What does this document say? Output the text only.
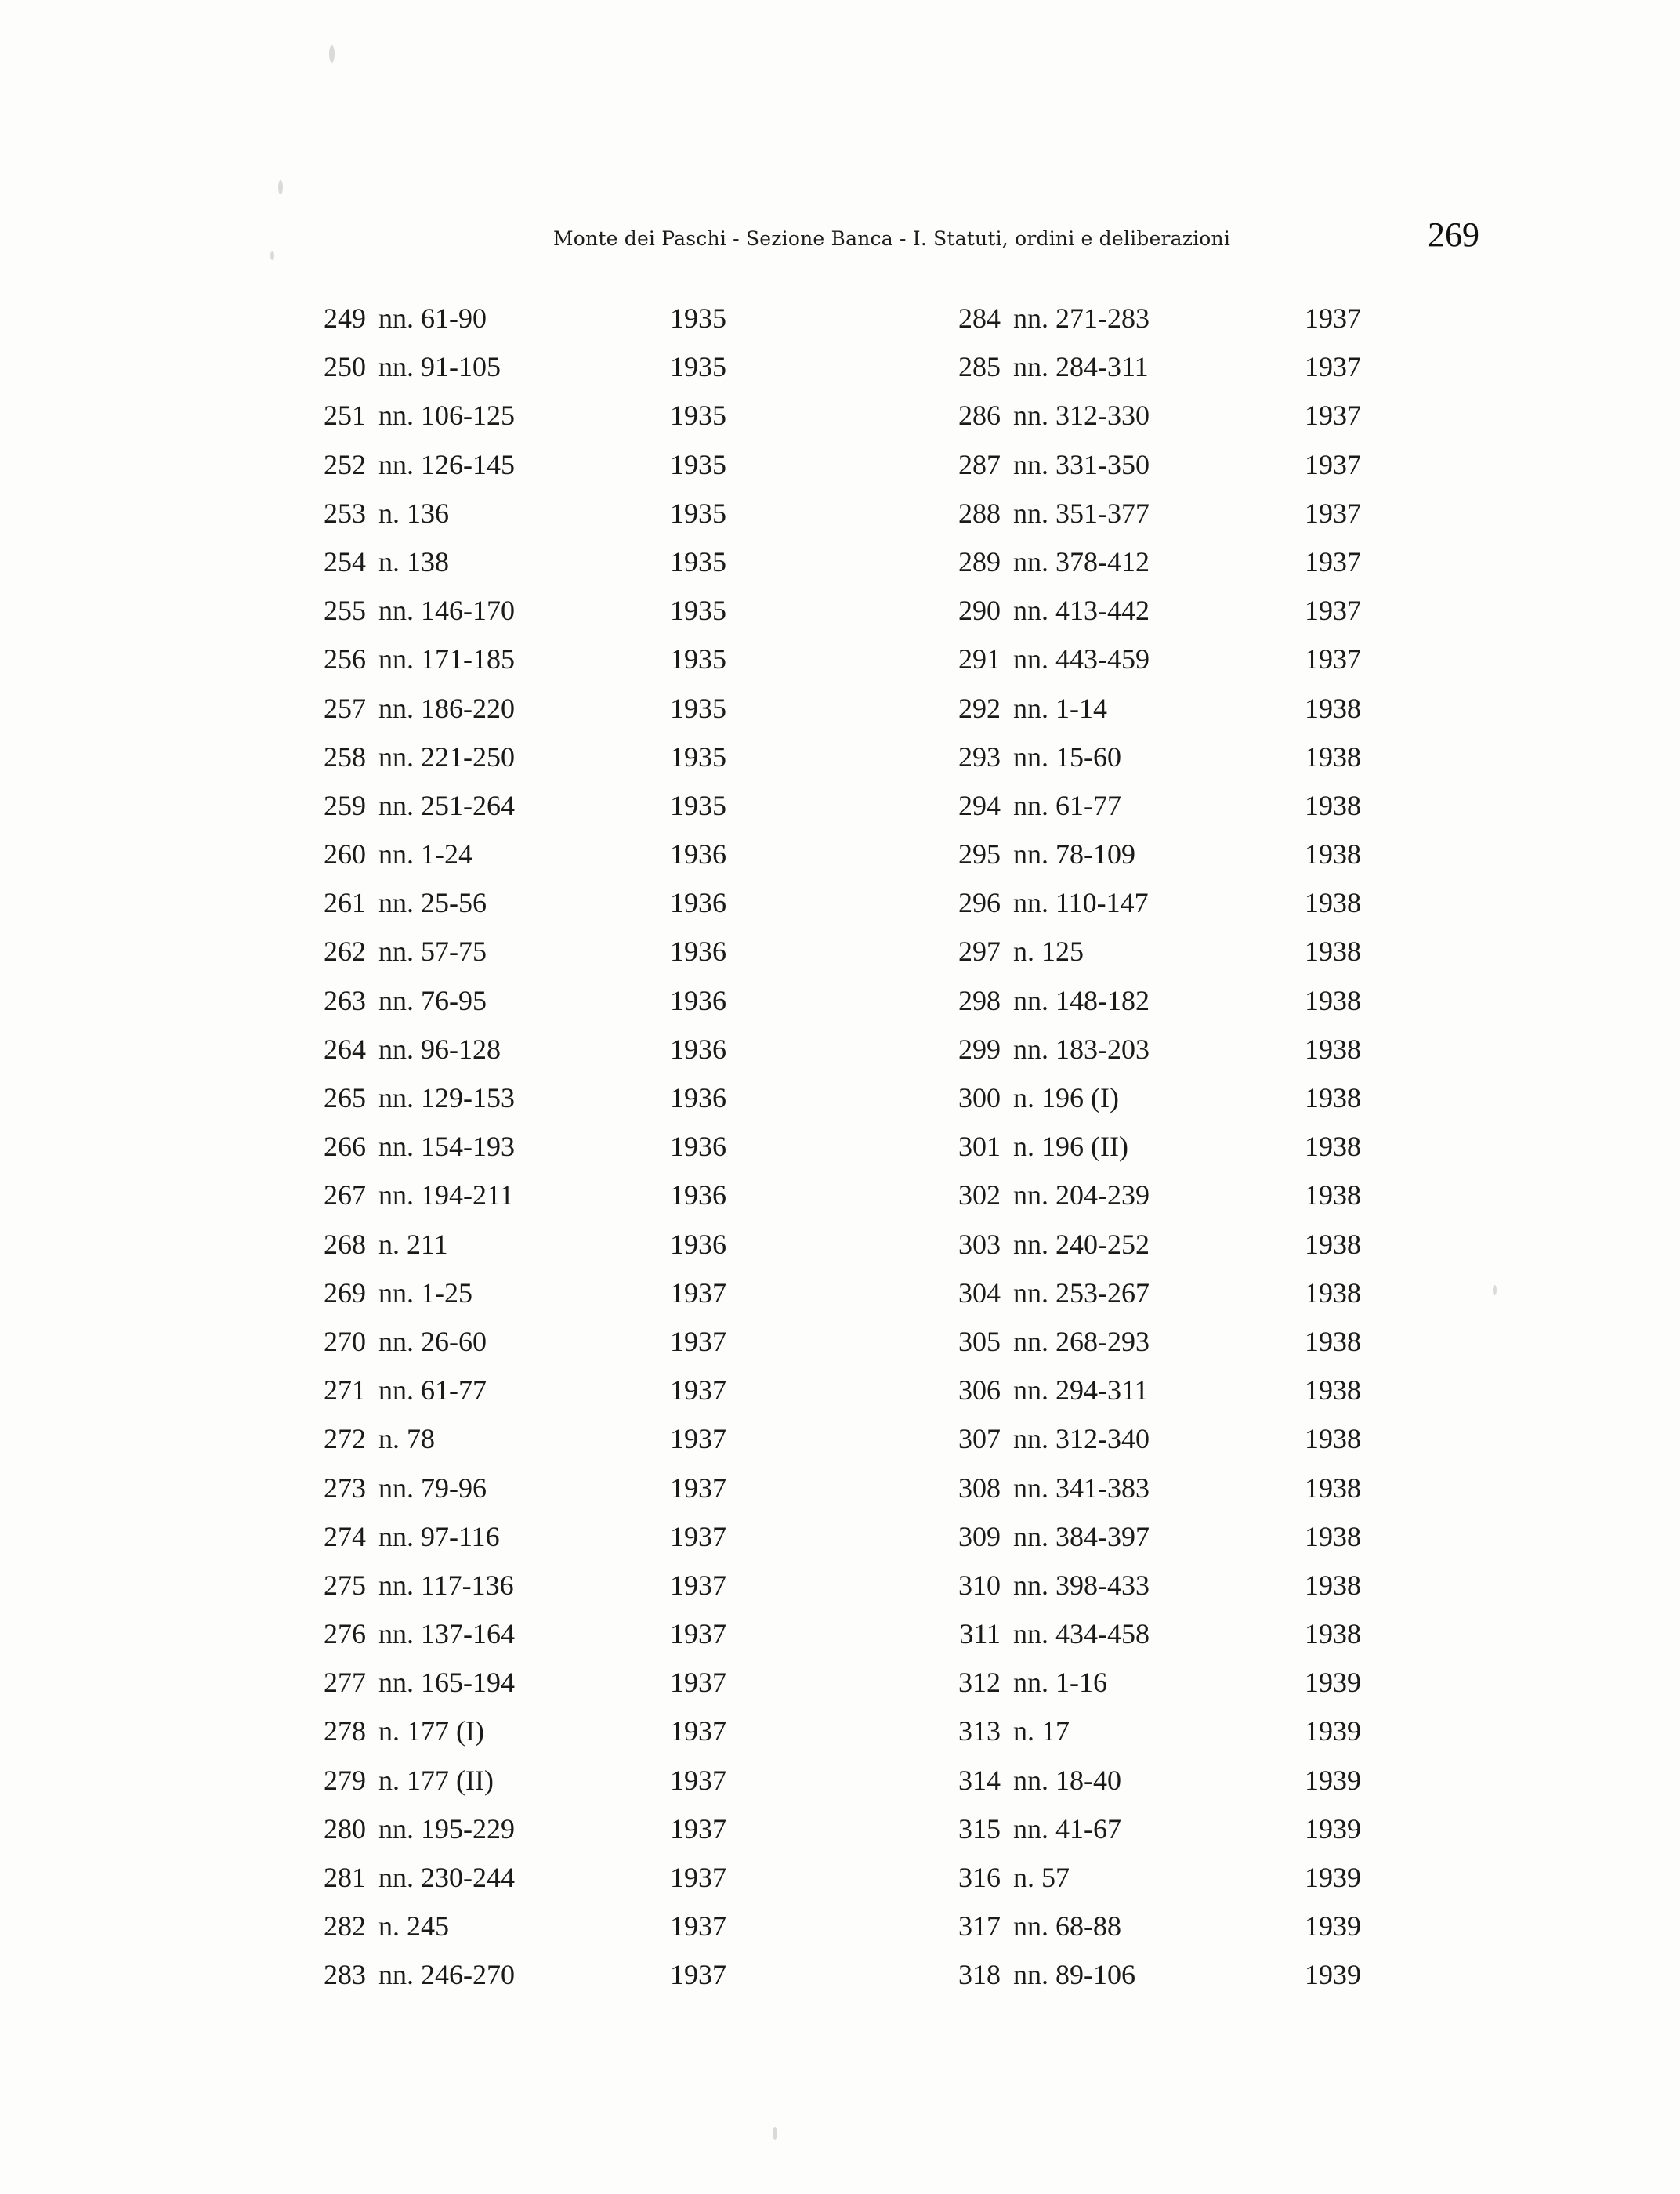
Monte dei Paschi - Sezione Banca - I. Statuti, ordini e deliberazioni	269
249 nn. 61-90	1935
250 nn. 91-105	1935
251 nn. 106-125	1935
252 nn. 126-145	1935
253 n. 136	1935
254 n. 138	1935
255 nn. 146-170	1935
256 nn. 171-185	1935
257 nn. 186-220	1935
258 nn. 221-250	1935
259 nn. 251-264	1935
260 nn. 1-24	1936
261 nn. 25-56	1936
262 nn. 57-75	1936
263 nn. 76-95	1936
264 nn. 96-128	1936
265 nn. 129-153	1936
266 nn. 154-193	1936
267 nn. 194-211	1936
268 n. 211	1936
269 nn. 1-25	1937
270 nn. 26-60	1937
271 nn. 61-77	1937
272 n. 78	1937
273 nn. 79-96	1937
274 nn. 97-116	1937
275 nn. 117-136	1937
276 nn. 137-164	1937
277 nn. 165-194	1937
278 n. 177 (I)	1937
279 n. 177 (II)	1937
280 nn. 195-229	1937
281 nn. 230-244	1937
282 n. 245	1937
283 nn. 246-270	1937
284 nn. 271-283	1937
285 nn. 284-311	1937
286 nn. 312-330	1937
287 nn. 331-350	1937
288 nn. 351-377	1937
289 nn. 378-412	1937
290 nn. 413-442	1937
291 nn. 443-459	1937
292 nn. 1-14	1938
293 nn. 15-60	1938
294 nn. 61-77	1938
295 nn. 78-109	1938
296 nn. 110-147	1938
297 n. 125	1938
298 nn. 148-182	1938
299 nn. 183-203	1938
300 n. 196 (I)	1938
301 n. 196 (II)	1938
302 nn. 204-239	1938
303 nn. 240-252	1938
304 nn. 253-267	1938
305 nn. 268-293	1938
306 nn. 294-311	1938
307 nn. 312-340	1938
308 nn. 341-383	1938
309 nn. 384-397	1938
310 nn. 398-433	1938
311 nn. 434-458	1938
312 nn. 1-16	1939
313 n. 17	1939
314 nn. 18-40	1939
315 nn. 41-67	1939
316 n. 57	1939
317 nn. 68-88	1939
318 nn. 89-106	1939
